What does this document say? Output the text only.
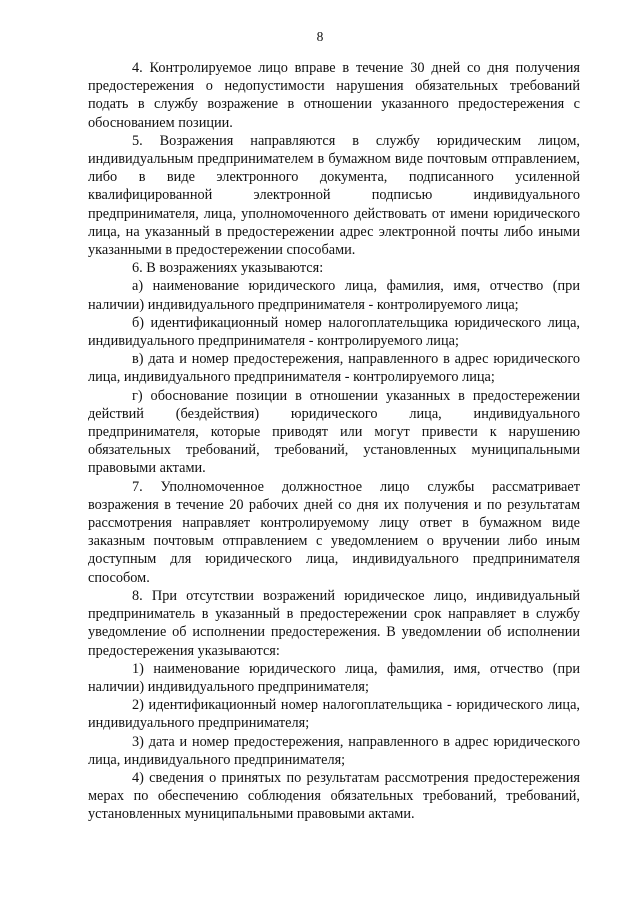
8

4. Контролируемое лицо вправе в течение 30 дней со дня получения предостережения о недопустимости нарушения обязательных требований подать в службу возражение в отношении указанного предостережения с обоснованием позиции.

5. Возражения направляются в службу юридическим лицом, индивидуальным предпринимателем в бумажном виде почтовым отправлением, либо в виде электронного документа, подписанного усиленной квалифицированной электронной подписью индивидуального предпринимателя, лица, уполномоченного действовать от имени юридического лица, на указанный в предостережении адрес электронной почты либо иными указанными в предостережении способами.

6. В возражениях указываются:

а) наименование юридического лица, фамилия, имя, отчество (при наличии) индивидуального предпринимателя - контролируемого лица;

б) идентификационный номер налогоплательщика юридического лица, индивидуального предпринимателя - контролируемого лица;

в) дата и номер предостережения, направленного в адрес юридического лица, индивидуального предпринимателя - контролируемого лица;

г) обоснование позиции в отношении указанных в предостережении действий (бездействия) юридического лица, индивидуального предпринимателя, которые приводят или могут привести к нарушению обязательных требований, требований, установленных муниципальными правовыми актами.

7. Уполномоченное должностное лицо службы рассматривает возражения в течение 20 рабочих дней со дня их получения и по результатам рассмотрения направляет контролируемому лицу ответ в бумажном виде заказным почтовым отправлением с уведомлением о вручении либо иным доступным для юридического лица, индивидуального предпринимателя способом.

8. При отсутствии возражений юридическое лицо, индивидуальный предприниматель в указанный в предостережении срок направляет в службу уведомление об исполнении предостережения. В уведомлении об исполнении предостережения указываются:

1) наименование юридического лица, фамилия, имя, отчество (при наличии) индивидуального предпринимателя;

2) идентификационный номер налогоплательщика - юридического лица, индивидуального предпринимателя;

3) дата и номер предостережения, направленного в адрес юридического лица, индивидуального предпринимателя;

4) сведения о принятых по результатам рассмотрения предостережения мерах по обеспечению соблюдения обязательных требований, требований, установленных муниципальными правовыми актами.
